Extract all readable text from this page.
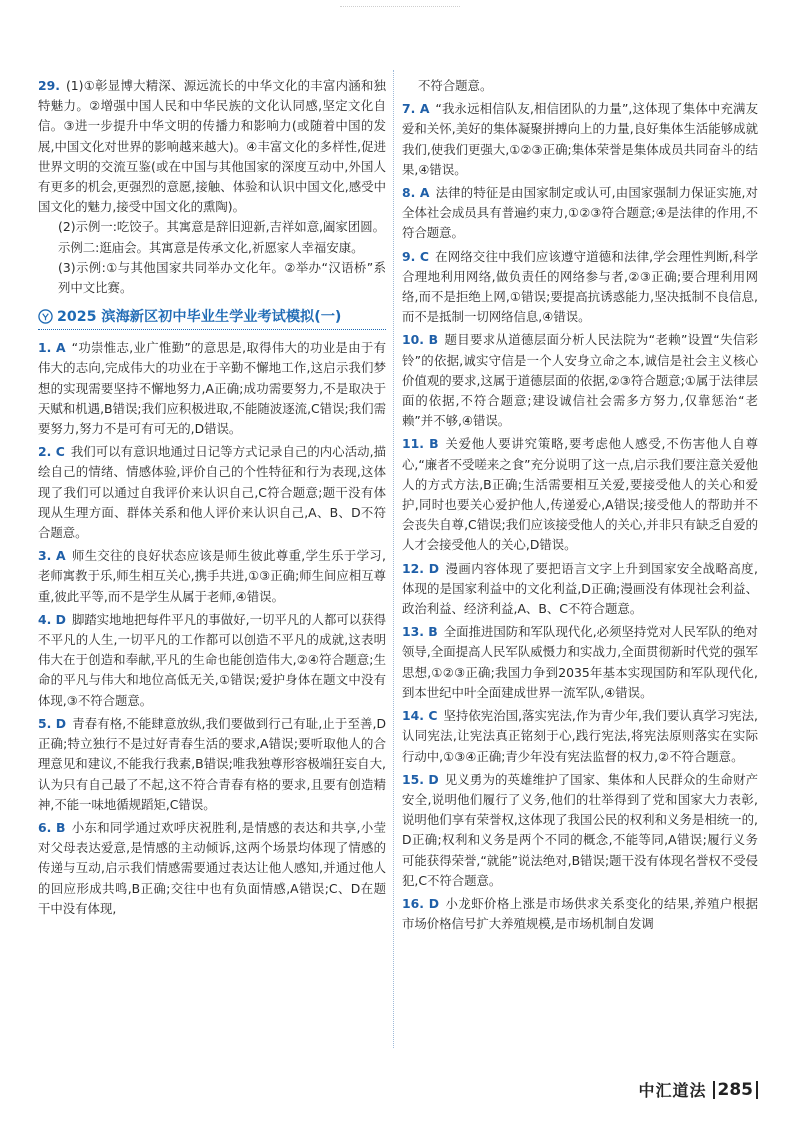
29. (1)①彰显博大精深、源远流长的中华文化的丰富内涵和独特魅力。②增强中国人民和中华民族的文化认同感,坚定文化自信。③进一步提升中华文明的传播力和影响力(或随着中国的发展,中国文化对世界的影响越来越大)。④丰富文化的多样性,促进世界文明的交流互鉴(或在中国与其他国家的深度互动中,外国人有更多的机会,更强烈的意愿,接触、体验和认识中国文化,感受中国文化的魅力,接受中国文化的熏陶)。
(2)示例一:吃饺子。其寓意是辞旧迎新,吉祥如意,阖家团圆。
示例二:逛庙会。其寓意是传承文化,祈愿家人幸福安康。
(3)示例:①与其他国家共同举办文化年。②举办“汉语桥”系列中文比赛。
2025 滨海新区初中毕业生学业考试模拟(一)
1. A “功崇惟志,业广惟勤”的意思是,取得伟大的功业是由于有伟大的志向,完成伟大的功业在于辛勤不懈地工作,这启示我们梦想的实现需要坚持不懈地努力,A正确;成功需要努力,不是取决于天赋和机遇,B错误;我们应积极进取,不能随波逐流,C错误;我们需要努力,努力不是可有可无的,D错误。
2. C 我们可以有意识地通过日记等方式记录自己的内心活动,描绘自己的情绪、情感体验,评价自己的个性特征和行为表现,这体现了我们可以通过自我评价来认识自己,C符合题意;题干没有体现从生理方面、群体关系和他人评价来认识自己,A、B、D不符合题意。
3. A 师生交往的良好状态应该是师生彼此尊重,学生乐于学习,老师寓教于乐,师生相互关心,携手共进,①③正确;师生间应相互尊重,彼此平等,而不是学生从属于老师,④错误。
4. D 脚踏实地地把每件平凡的事做好,一切平凡的人都可以获得不平凡的人生,一切平凡的工作都可以创造不平凡的成就,这表明伟大在于创造和奉献,平凡的生命也能创造伟大,②④符合题意;生命的平凡与伟大和地位高低无关,①错误;爱护身体在题文中没有体现,③不符合题意。
5. D 青春有格,不能肆意放纵,我们要做到行己有耻,止于至善,D正确;特立独行不是过好青春生活的要求,A错误;要听取他人的合理意见和建议,不能我行我素,B错误;唯我独尊形容极端狂妄自大,认为只有自己最了不起,这不符合青春有格的要求,且要有创造精神,不能一味地循规蹈矩,C错误。
6. B 小东和同学通过欢呼庆祝胜利,是情感的表达和共享,小莹对父母表达爱意,是情感的主动倾诉,这两个场景均体现了情感的传递与互动,启示我们情感需要通过表达让他人感知,并通过他人的回应形成共鸣,B正确;交往中也有负面情感,A错误;C、D在题干中没有体现,
不符合题意。
7. A “我永远相信队友,相信团队的力量”,这体现了集体中充满友爱和关怀,美好的集体凝聚拼搏向上的力量,良好集体生活能够成就我们,使我们更强大,①②③正确;集体荣誉是集体成员共同奋斗的结果,④错误。
8. A 法律的特征是由国家制定或认可,由国家强制力保证实施,对全体社会成员具有普遍约束力,①②③符合题意;④是法律的作用,不符合题意。
9. C 在网络交往中我们应该遵守道德和法律,学会理性判断,科学合理地利用网络,做负责任的网络参与者,②③正确;要合理利用网络,而不是拒绝上网,①错误;要提高抗诱惑能力,坚决抵制不良信息,而不是抵制一切网络信息,④错误。
10. B 题目要求从道德层面分析人民法院为“老赖”设置“失信彩铃”的依据,诚实守信是一个人安身立命之本,诚信是社会主义核心价值观的要求,这属于道德层面的依据,②③符合题意;①属于法律层面的依据,不符合题意;建设诚信社会需多方努力,仅靠惩治“老赖”并不够,④错误。
11. B 关爱他人要讲究策略,要考虑他人感受,不伤害他人自尊心,“廉者不受嗟来之食”充分说明了这一点,启示我们要注意关爱他人的方式方法,B正确;生活需要相互关爱,要接受他人的关心和爱护,同时也要关心爱护他人,传递爱心,A错误;接受他人的帮助并不会丧失自尊,C错误;我们应该接受他人的关心,并非只有缺乏自爱的人才会接受他人的关心,D错误。
12. D 漫画内容体现了要把语言文字上升到国家安全战略高度,体现的是国家利益中的文化利益,D正确;漫画没有体现社会利益、政治利益、经济利益,A、B、C不符合题意。
13. B 全面推进国防和军队现代化,必须坚持党对人民军队的绝对领导,全面提高人民军队威慑力和实战力,全面贯彻新时代党的强军思想,①②③正确;我国力争到2035年基本实现国防和军队现代化,到本世纪中叶全面建成世界一流军队,④错误。
14. C 坚持依宪治国,落实宪法,作为青少年,我们要认真学习宪法,认同宪法,让宪法真正铭刻于心,践行宪法,将宪法原则落实在实际行动中,①③④正确;青少年没有宪法监督的权力,②不符合题意。
15. D 见义勇为的英雄维护了国家、集体和人民群众的生命财产安全,说明他们履行了义务,他们的壮举得到了党和国家大力表彰,说明他们享有荣誉权,这体现了我国公民的权利和义务是相统一的,D正确;权利和义务是两个不同的概念,不能等同,A错误;履行义务可能获得荣誉,“就能”说法绝对,B错误;题干没有体现名誉权不受侵犯,C不符合题意。
16. D 小龙虾价格上涨是市场供求关系变化的结果,养殖户根据市场价格信号扩大养殖规模,是市场机制自发调
中汇道法 285
